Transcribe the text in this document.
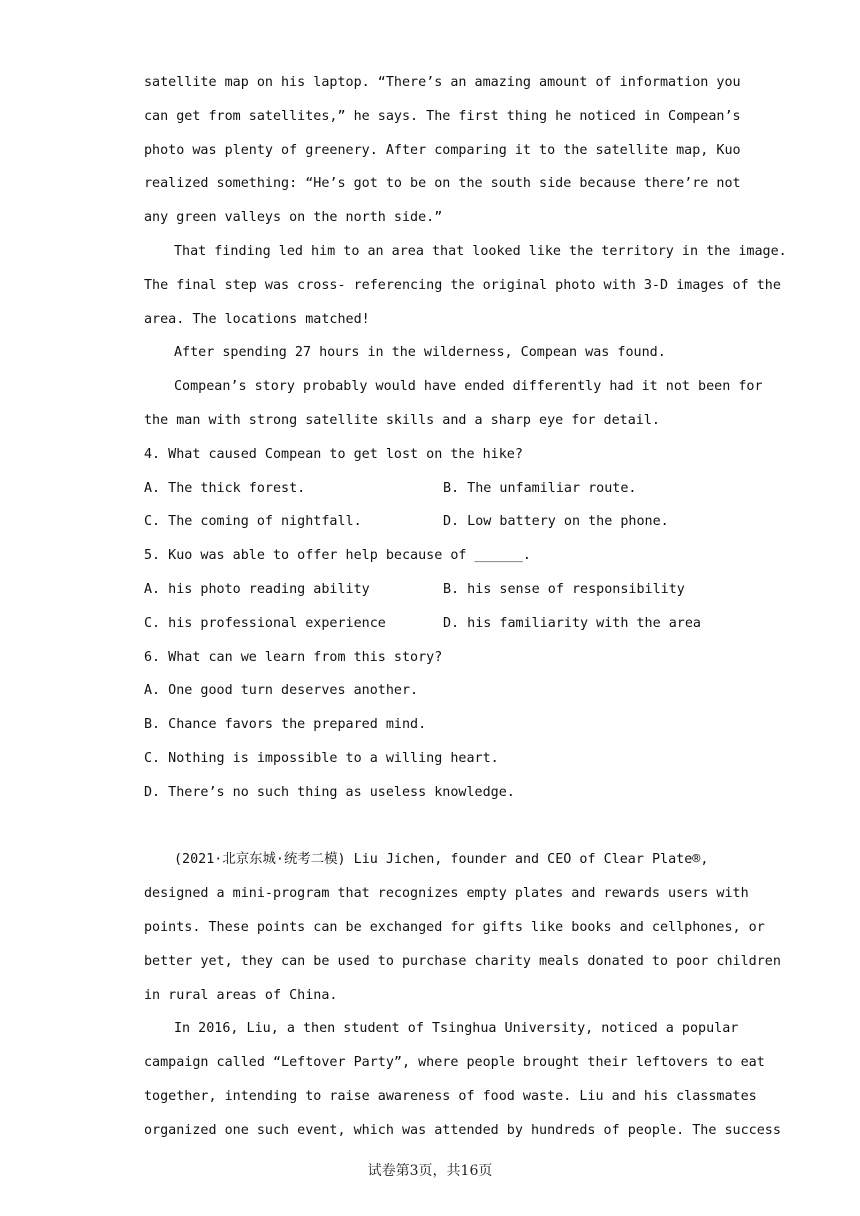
satellite map on his laptop. “There’s an amazing amount of information you
can get from satellites,” he says. The first thing he noticed in Compean’s
photo was plenty of greenery. After comparing it to the satellite map, Kuo
realized something: “He’s got to be on the south side because there’re not
any green valleys on the north side.”
That finding led him to an area that looked like the territory in the image.
The final step was cross- referencing the original photo with 3-D images of the
area. The locations matched!
After spending 27 hours in the wilderness, Compean was found.
Compean’s story probably would have ended differently had it not been for
the man with strong satellite skills and a sharp eye for detail.
4. What caused Compean to get lost on the hike?
A. The thick forest.	B. The unfamiliar route.
C. The coming of nightfall.	D. Low battery on the phone.
5. Kuo was able to offer help because of ______.
A. his photo reading ability	B. his sense of responsibility
C. his professional experience	D. his familiarity with the area
6. What can we learn from this story?
A. One good turn deserves another.
B. Chance favors the prepared mind.
C. Nothing is impossible to a willing heart.
D. There’s no such thing as useless knowledge.
(2021·北京东城·统考二模) Liu Jichen, founder and CEO of Clear Plate®,
designed a mini-program that recognizes empty plates and rewards users with
points. These points can be exchanged for gifts like books and cellphones, or
better yet, they can be used to purchase charity meals donated to poor children
in rural areas of China.
In 2016, Liu, a then student of Tsinghua University, noticed a popular
campaign called “Leftover Party”, where people brought their leftovers to eat
together, intending to raise awareness of food waste. Liu and his classmates
organized one such event, which was attended by hundreds of people. The success
试卷第3页，共16页
